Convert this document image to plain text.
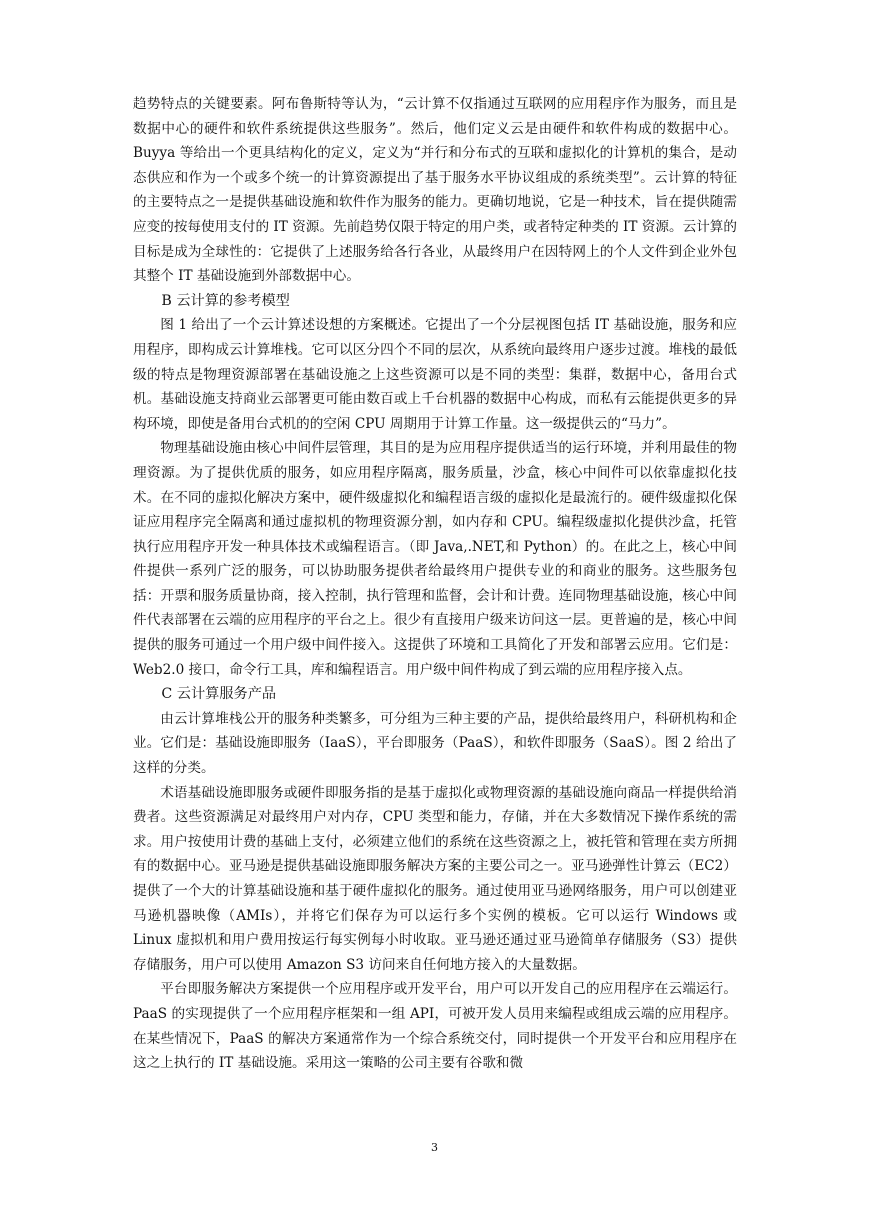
趋势特点的关键要素。阿布鲁斯特等认为，“云计算不仅指通过互联网的应用程序作为服务，而且是数据中心的硬件和软件系统提供这些服务”。然后，他们定义云是由硬件和软件构成的数据中心。Buyya 等给出一个更具结构化的定义，定义为“并行和分布式的互联和虚拟化的计算机的集合，是动态供应和作为一个或多个统一的计算资源提出了基于服务水平协议组成的系统类型”。云计算的特征的主要特点之一是提供基础设施和软件作为服务的能力。更确切地说，它是一种技术，旨在提供随需应变的按每使用支付的 IT 资源。先前趋势仅限于特定的用户类，或者特定种类的 IT 资源。云计算的目标是成为全球性的：它提供了上述服务给各行各业，从最终用户在因特网上的个人文件到企业外包其整个 IT 基础设施到外部数据中心。

B 云计算的参考模型

图 1 给出了一个云计算述设想的方案概述。它提出了一个分层视图包括 IT 基础设施，服务和应用程序，即构成云计算堆栈。它可以区分四个不同的层次，从系统向最终用户逐步过渡。堆栈的最低级的特点是物理资源部署在基础设施之上这些资源可以是不同的类型：集群，数据中心，备用台式机。基础设施支持商业云部署更可能由数百或上千台机器的数据中心构成，而私有云能提供更多的异构环境，即使是备用台式机的的空闲 CPU 周期用于计算工作量。这一级提供云的“马力”。

物理基础设施由核心中间件层管理，其目的是为应用程序提供适当的运行环境，并利用最佳的物理资源。为了提供优质的服务，如应用程序隔离，服务质量，沙盒，核心中间件可以依靠虚拟化技术。在不同的虚拟化解决方案中，硬件级虚拟化和编程语言级的虚拟化是最流行的。硬件级虚拟化保证应用程序完全隔离和通过虚拟机的物理资源分割，如内存和 CPU。编程级虚拟化提供沙盒，托管执行应用程序开发一种具体技术或编程语言。（即 Java,.NET,和 Python）的。在此之上，核心中间件提供一系列广泛的服务，可以协助服务提供者给最终用户提供专业的和商业的服务。这些服务包括：开票和服务质量协商，接入控制，执行管理和监督，会计和计费。连同物理基础设施，核心中间件代表部署在云端的应用程序的平台之上。很少有直接用户级来访问这一层。更普遍的是，核心中间提供的服务可通过一个用户级中间件接入。这提供了环境和工具简化了开发和部署云应用。它们是：Web2.0 接口，命令行工具，库和编程语言。用户级中间件构成了到云端的应用程序接入点。

C 云计算服务产品

由云计算堆栈公开的服务种类繁多，可分组为三种主要的产品，提供给最终用户，科研机构和企业。它们是：基础设施即服务（IaaS），平台即服务（PaaS），和软件即服务（SaaS）。图 2 给出了这样的分类。

术语基础设施即服务或硬件即服务指的是基于虚拟化或物理资源的基础设施向商品一样提供给消费者。这些资源满足对最终用户对内存，CPU 类型和能力，存储，并在大多数情况下操作系统的需求。用户按使用计费的基础上支付，必须建立他们的系统在这些资源之上，被托管和管理在卖方所拥有的数据中心。亚马逊是提供基础设施即服务解决方案的主要公司之一。亚马逊弹性计算云（EC2）提供了一个大的计算基础设施和基于硬件虚拟化的服务。通过使用亚马逊网络服务，用户可以创建亚马逊机器映像（AMIs），并将它们保存为可以运行多个实例的模板。它可以运行 Windows 或 Linux 虚拟机和用户费用按运行每实例每小时收取。亚马逊还通过亚马逊简单存储服务（S3）提供存储服务，用户可以使用 Amazon S3 访问来自任何地方接入的大量数据。

平台即服务解决方案提供一个应用程序或开发平台，用户可以开发自己的应用程序在云端运行。PaaS 的实现提供了一个应用程序框架和一组 API，可被开发人员用来编程或组成云端的应用程序。在某些情况下，PaaS 的解决方案通常作为一个综合系统交付，同时提供一个开发平台和应用程序在这之上执行的 IT 基础设施。采用这一策略的公司主要有谷歌和微

3
